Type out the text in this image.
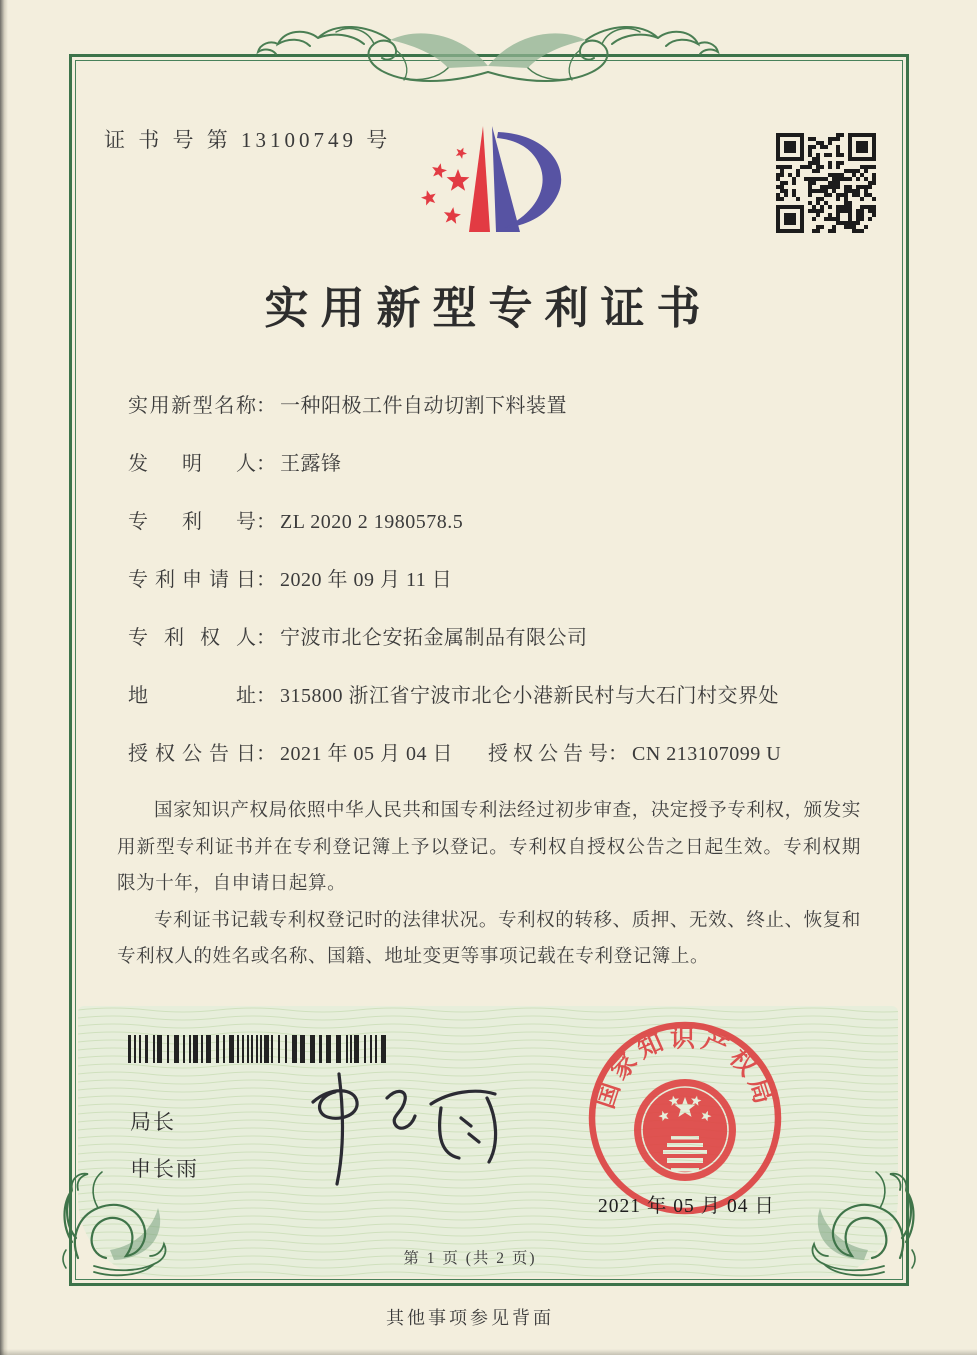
证 书 号 第 13100749 号
实用新型专利证书
实用新型名称： 一种阳极工件自动切割下料装置
发明人： 王露锋
专利号： ZL 2020 2 1980578.5
专利申请日： 2020 年 09 月 11 日
专利权人： 宁波市北仑安拓金属制品有限公司
地址： 315800 浙江省宁波市北仑小港新民村与大石门村交界处
授权公告日： 2021 年 05 月 04 日 授权公告号： CN 213107099 U

国家知识产权局依照中华人民共和国专利法经过初步审查，决定授予专利权，颁发实用新型专利证书并在专利登记簿上予以登记。专利权自授权公告之日起生效。专利权期限为十年，自申请日起算。

专利证书记载专利权登记时的法律状况。专利权的转移、质押、无效、终止、恢复和专利权人的姓名或名称、国籍、地址变更等事项记载在专利登记簿上。

局长
申长雨
国家知识产权局
2021 年 05 月 04 日
第 1 页 (共 2 页)
其他事项参见背面
